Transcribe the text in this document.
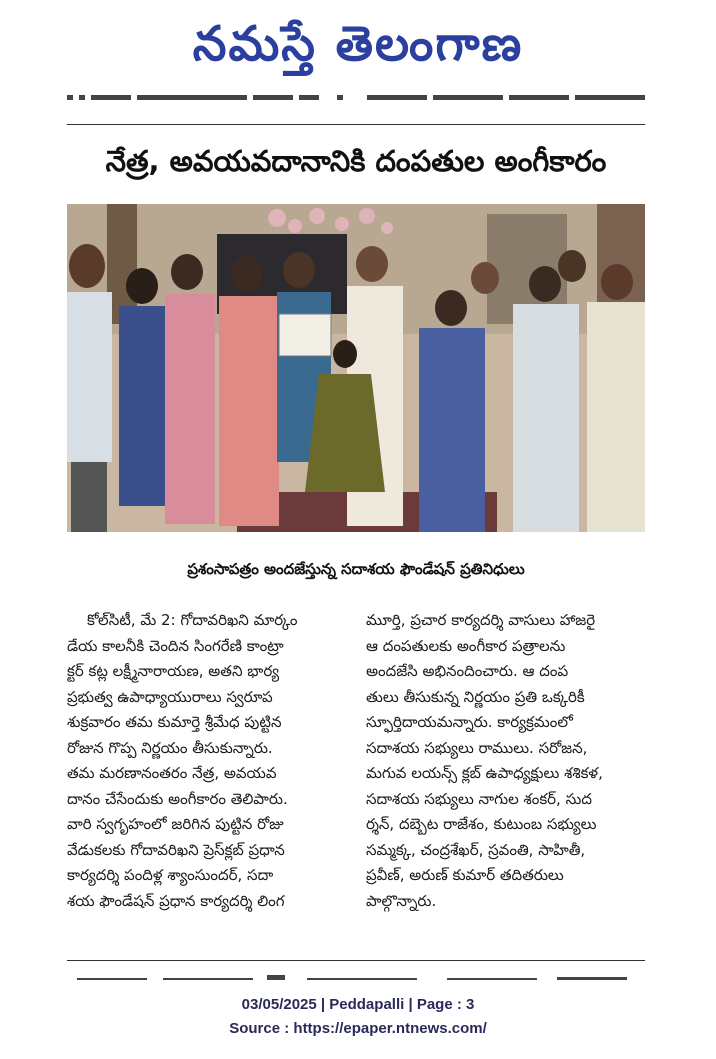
నమస్తే తెలంగాణ
నేత్ర, అవయవదానానికి దంపతుల అంగీకారం
ప్రశంసాపత్రం అందజేస్తున్న సదాశయ ఫౌండేషన్ ప్రతినిధులు
కోల్‌సిటీ, మే 2: గోదావరిఖని మార్కం
డేయ కాలనీకి చెందిన సింగరేణి కాంట్రా
క్టర్ కట్ల లక్ష్మీనారాయణ, అతని భార్య
ప్రభుత్వ ఉపాధ్యాయురాలు స్వరూప
శుక్రవారం తమ కుమార్తె శ్రీమేధ పుట్టిన
రోజున గొప్ప నిర్ణయం తీసుకున్నారు.
తమ మరణానంతరం నేత్ర, అవయవ
దానం చేసేందుకు అంగీకారం తెలిపారు.
వారి స్వగృహంలో జరిగిన పుట్టిన రోజు
వేడుకలకు గోదావరిఖని ప్రెస్‌క్లబ్ ప్రధాన
కార్యదర్శి పందిళ్ల శ్యాంసుందర్, సదా
శయ ఫౌండేషన్ ప్రధాన కార్యదర్శి లింగ
మూర్తి, ప్రచార కార్యదర్శి వాసులు హాజరై
ఆ దంపతులకు అంగీకార పత్రాలను
అందజేసి అభినందించారు. ఆ దంప
తులు తీసుకున్న నిర్ణయం ప్రతి ఒక్కరికీ
స్ఫూర్తిదాయమన్నారు. కార్యక్రమంలో
సదాశయ సభ్యులు రాములు. సరోజన,
మగువ లయన్స్ క్లబ్ ఉపాధ్యక్షులు శశికళ,
సదాశయ సభ్యులు నాగుల శంకర్, సుద
ర్శన్, దబ్బెట రాజేశం, కుటుంబ సభ్యులు
సమ్మక్క, చంద్రశేఖర్, స్రవంతి, సాహితీ,
ప్రవీణ్, అరుణ్ కుమార్ తదితరులు
పాల్గొన్నారు.
03/05/2025 | Peddapalli | Page : 3
Source : https://epaper.ntnews.com/
